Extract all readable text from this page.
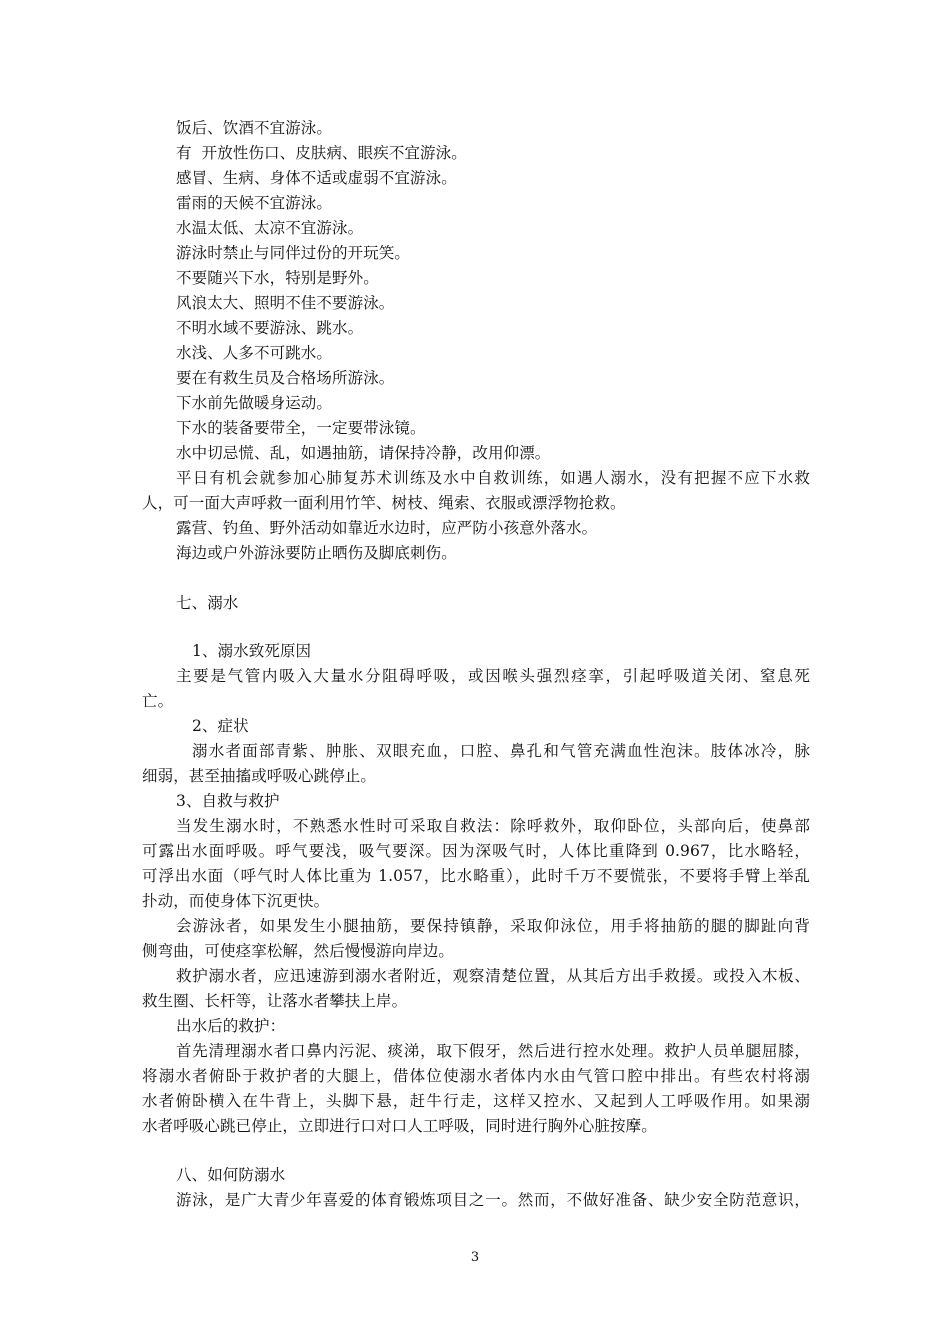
饭后、饮酒不宜游泳。
有  开放性伤口、皮肤病、眼疾不宜游泳。
感冒、生病、身体不适或虚弱不宜游泳。
雷雨的天候不宜游泳。
水温太低、太凉不宜游泳。
游泳时禁止与同伴过份的开玩笑。
不要随兴下水，特别是野外。
风浪太大、照明不佳不要游泳。
不明水域不要游泳、跳水。
水浅、人多不可跳水。
要在有救生员及合格场所游泳。
下水前先做暖身运动。
下水的装备要带全，一定要带泳镜。
水中切忌慌、乱，如遇抽筋，请保持冷静，改用仰漂。
平日有机会就参加心肺复苏术训练及水中自救训练，如遇人溺水，没有把握不应下水救
人，可一面大声呼救一面利用竹竿、树枝、绳索、衣服或漂浮物抢救。
露营、钓鱼、野外活动如靠近水边时，应严防小孩意外落水。
海边或户外游泳要防止晒伤及脚底刺伤。
七、溺水
1、溺水致死原因
主要是气管内吸入大量水分阻碍呼吸，或因喉头强烈痉挛，引起呼吸道关闭、窒息死
亡。
2、症状
溺水者面部青紫、肿胀、双眼充血，口腔、鼻孔和气管充满血性泡沫。肢体冰冷，脉
细弱，甚至抽搐或呼吸心跳停止。
3、自救与救护
当发生溺水时，不熟悉水性时可采取自救法：除呼救外，取仰卧位，头部向后，使鼻部
可露出水面呼吸。呼气要浅，吸气要深。因为深吸气时，人体比重降到 0.967，比水略轻，
可浮出水面（呼气时人体比重为 1.057，比水略重），此时千万不要慌张，不要将手臂上举乱
扑动，而使身体下沉更快。
会游泳者，如果发生小腿抽筋，要保持镇静，采取仰泳位，用手将抽筋的腿的脚趾向背
侧弯曲，可使痉挛松解，然后慢慢游向岸边。
救护溺水者，应迅速游到溺水者附近，观察清楚位置，从其后方出手救援。或投入木板、
救生圈、长杆等，让落水者攀扶上岸。
出水后的救护：
首先清理溺水者口鼻内污泥、痰涕，取下假牙，然后进行控水处理。救护人员单腿屈膝，
将溺水者俯卧于救护者的大腿上，借体位使溺水者体内水由气管口腔中排出。有些农村将溺
水者俯卧横入在牛背上，头脚下悬，赶牛行走，这样又控水、又起到人工呼吸作用。如果溺
水者呼吸心跳已停止，立即进行口对口人工呼吸，同时进行胸外心脏按摩。
八、如何防溺水
游泳，是广大青少年喜爱的体育锻炼项目之一。然而，不做好准备、缺少安全防范意识，
3
